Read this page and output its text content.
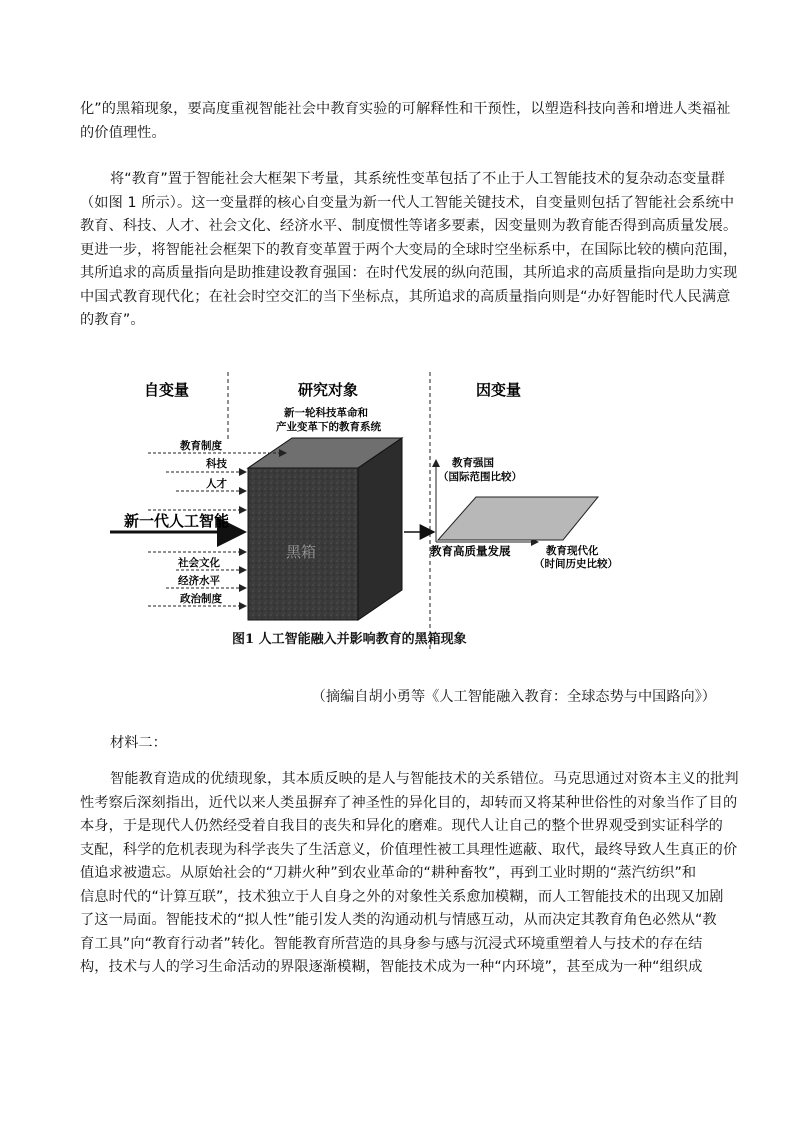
化”的黑箱现象，要高度重视智能社会中教育实验的可解释性和干预性，以塑造科技向善和增进人类福祉
的价值理性。
将“教育”置于智能社会大框架下考量，其系统性变革包括了不止于人工智能技术的复杂动态变量群
（如图 1 所示）。这一变量群的核心自变量为新一代人工智能关键技术，自变量则包括了智能社会系统中
教育、科技、人才、社会文化、经济水平、制度惯性等诸多要素，因变量则为教育能否得到高质量发展。
更进一步，将智能社会框架下的教育变革置于两个大变局的全球时空坐标系中，在国际比较的横向范围，
其所追求的高质量指向是助推建设教育强国：在时代发展的纵向范围，其所追求的高质量指向是助力实现
中国式教育现代化；在社会时空交汇的当下坐标点，其所追求的高质量指向则是“办好智能时代人民满意
的教育”。
自变量	研究对象	因变量
新一轮科技革命和
产业变革下的教育系统
黑箱
教育制度
科技
人才
新一代人工智能
社会文化
经济水平
政治制度
教育强国
（国际范围比较）
教育高质量发展	教育现代化
（时间历史比较）
图1 人工智能融入并影响教育的黑箱现象
（摘编自胡小勇等《人工智能融入教育：全球态势与中国路向》）
材料二：
智能教育造成的优绩现象，其本质反映的是人与智能技术的关系错位。马克思通过对资本主义的批判
性考察后深刻指出，近代以来人类虽摒弃了神圣性的异化目的，却转而又将某种世俗性的对象当作了目的
本身，于是现代人仍然经受着自我目的丧失和异化的磨难。现代人让自己的整个世界观受到实证科学的
支配，科学的危机表现为科学丧失了生活意义，价值理性被工具理性遮蔽、取代，最终导致人生真正的价
值追求被遗忘。从原始社会的“刀耕火种”到农业革命的“耕种畜牧”，再到工业时期的“蒸汽纺织”和
信息时代的“计算互联”，技术独立于人自身之外的对象性关系愈加模糊，而人工智能技术的出现又加剧
了这一局面。智能技术的“拟人性”能引发人类的沟通动机与情感互动，从而决定其教育角色必然从“教
育工具”向“教育行动者”转化。智能教育所营造的具身参与感与沉浸式环境重塑着人与技术的存在结
构，技术与人的学习生命活动的界限逐渐模糊，智能技术成为一种“内环境”，甚至成为一种“组织成
